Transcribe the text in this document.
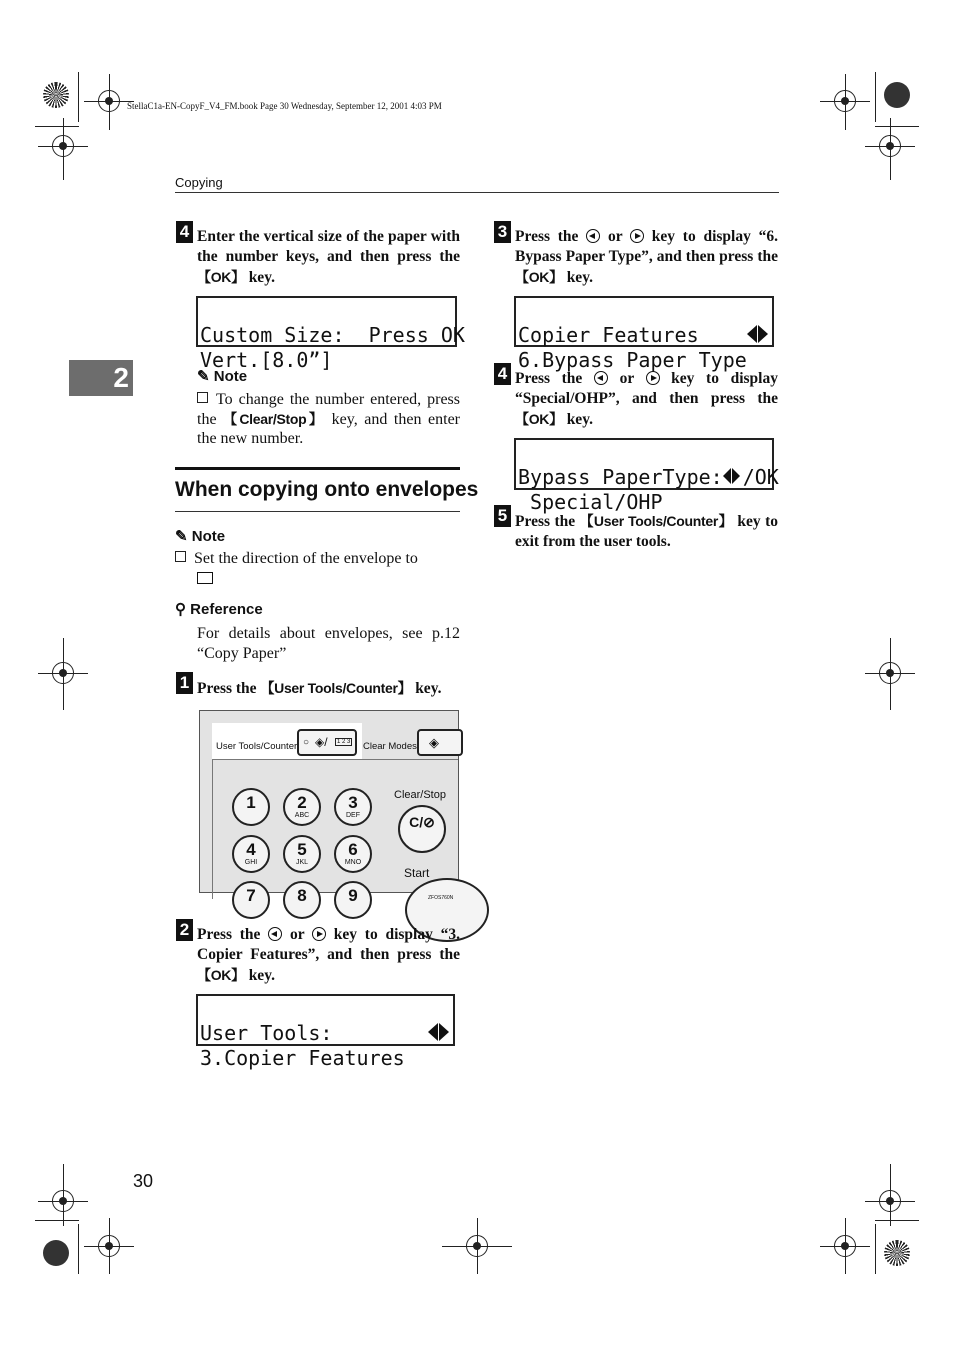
StellaC1a-EN-CopyF_V4_FM.book Page 30 Wednesday, September 12, 2001 4:03 PM
Copying
2
4 Enter the vertical size of the paper with the number keys, and then press the 【OK】 key.

Custom Size:  Press OK
Vert.[8.0”]
✎ Note
To change the number entered, press the 【Clear/Stop】 key, and then enter the new number.
When copying onto envelopes
✎ Note
Set the direction of the envelope to

⚲ Reference
For details about envelopes, see p.12 “Copy Paper”
1 Press the 【User Tools/Counter】 key.
User Tools/Counter ○ ◈/	1 2 3 Clear Modes ◈
1	2
ABC
3
DEF
4
GHI
5
JKL
6
MNO
7	8	9
Clear/Stop
C/⊘
Start
ZFOS760N
2 Press the  or  key to display “3. Copier Features”, and then press the 【OK】 key.

User Tools:
3.Copier Features
3 Press the  or  key to display “6. Bypass Paper Type”, and then press the 【OK】 key.

Copier Features
6.Bypass Paper Type
4 Press the  or  key to display “Special/OHP”, and then press the 【OK】 key.

Bypass PaperType: /OK
Special/OHP
5 Press the 【User Tools/Counter】 key to exit from the user tools.
30
